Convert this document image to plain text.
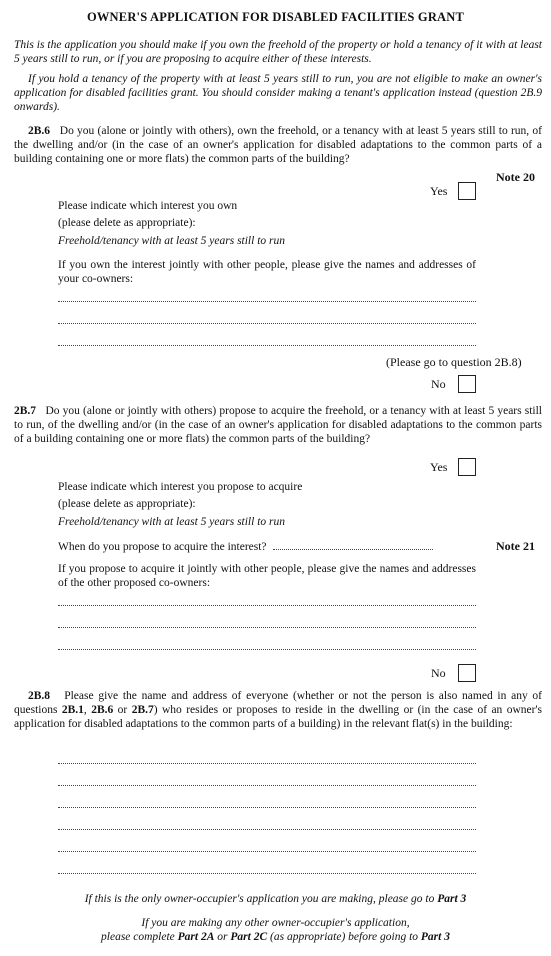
OWNER'S APPLICATION FOR DISABLED FACILITIES GRANT
This is the application you should make if you own the freehold of the property or hold a tenancy of it with at least 5 years still to run, or if you are proposing to acquire either of these interests.
If you hold a tenancy of the property with at least 5 years still to run, you are not eligible to make an owner's application for disabled facilities grant. You should consider making a tenant's application instead (question 2B.9 onwards).
2B.6 Do you (alone or jointly with others), own the freehold, or a tenancy with at least 5 years still to run, of the dwelling and/or (in the case of an owner's application for disabled adaptations to the common parts of a building containing one or more flats) the common parts of the building?
Note 20
Yes
Please indicate which interest you own
(please delete as appropriate):
Freehold/tenancy with at least 5 years still to run
If you own the interest jointly with other people, please give the names and addresses of your co-owners:
(Please go to question 2B.8)
No
2B.7 Do you (alone or jointly with others) propose to acquire the freehold, or a tenancy with at least 5 years still to run, of the dwelling and/or (in the case of an owner's application for disabled adaptations to the common parts of a building containing one or more flats) the common parts of the building?
Yes
Please indicate which interest you propose to acquire
(please delete as appropriate):
Freehold/tenancy with at least 5 years still to run
When do you propose to acquire the interest?	Note 21
If you propose to acquire it jointly with other people, please give the names and addresses of the other proposed co-owners:
No
2B.8 Please give the name and address of everyone (whether or not the person is also named in any of questions 2B.1, 2B.6 or 2B.7) who resides or proposes to reside in the dwelling or (in the case of an owner's application for disabled adaptations to the common parts of a building) in the relevant flat(s) in the building:
If this is the only owner-occupier's application you are making, please go to Part 3
If you are making any other owner-occupier's application,
please complete Part 2A or Part 2C (as appropriate) before going to Part 3
